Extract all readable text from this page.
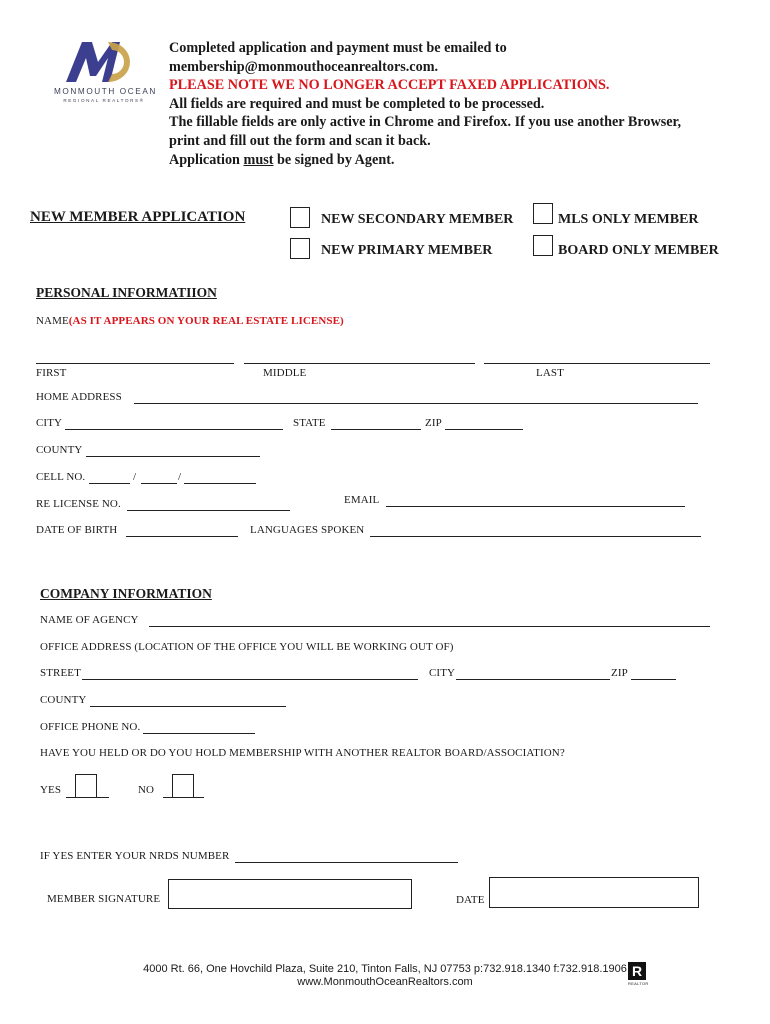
MONMOUTH OCEAN
REGIONAL REALTORS®
Completed application and payment must be emailed to
membership@monmouthoceanrealtors.com.
PLEASE NOTE WE NO LONGER ACCEPT FAXED APPLICATIONS.
All fields are required and must be completed to be processed.
The fillable fields are only active in Chrome and Firefox. If you use another Browser,
print and fill out the form and scan it back.
Application must be signed by Agent.
NEW MEMBER APPLICATION	NEW SECONDARY MEMBER	MLS ONLY MEMBER
NEW PRIMARY MEMBER	BOARD ONLY MEMBER
PERSONAL INFORMATIION
NAME(AS IT APPEARS ON YOUR REAL ESTATE LICENSE)
FIRST	MIDDLE	LAST
HOME ADDRESS
CITY	STATE	ZIP
COUNTY
CELL NO.	/	/
RE LICENSE NO.	EMAIL
DATE OF BIRTH	LANGUAGES SPOKEN
COMPANY INFORMATION
NAME OF AGENCY
OFFICE ADDRESS (LOCATION OF THE OFFICE YOU WILL BE WORKING OUT OF)
STREET	CITY	ZIP
COUNTY
OFFICE PHONE NO.
HAVE YOU HELD OR DO YOU HOLD MEMBERSHIP WITH ANOTHER REALTOR BOARD/ASSOCIATION?
YES	NO
IF YES ENTER YOUR NRDS NUMBER
MEMBER SIGNATURE	DATE
4000 Rt. 66, One Hovchild Plaza, Suite 210, Tinton Falls, NJ 07753 p:732.918.1340 f:732.918.1906
www.MonmouthOceanRealtors.com
R
REALTOR
